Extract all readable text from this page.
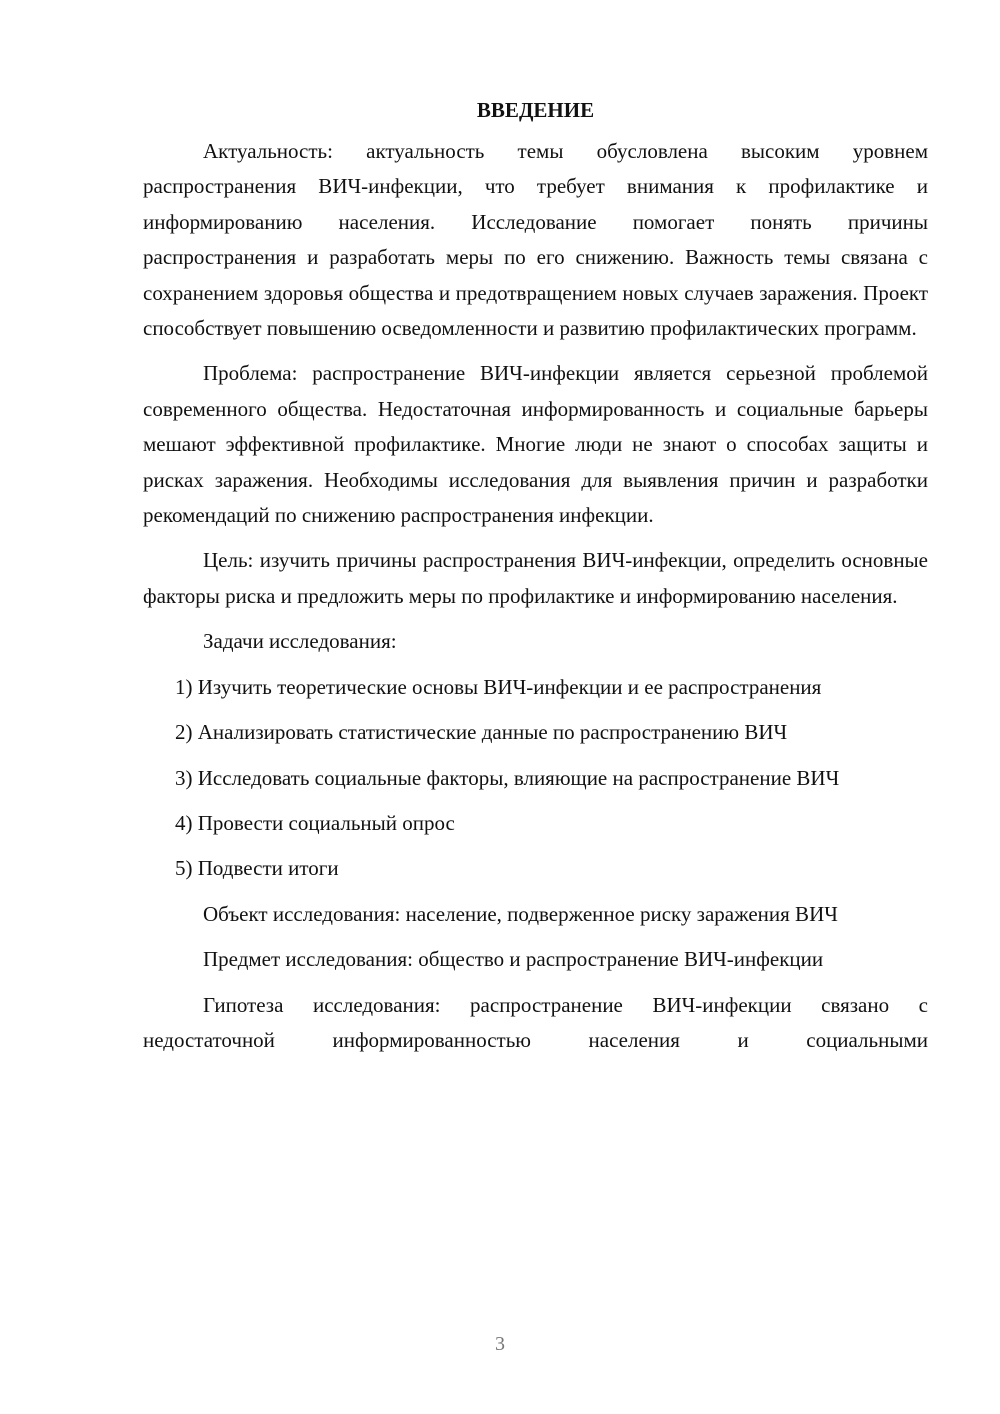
ВВЕДЕНИЕ

Актуальность: актуальность темы обусловлена высоким уровнем распространения ВИЧ-инфекции, что требует внимания к профилактике и информированию населения. Исследование помогает понять причины распространения и разработать меры по его снижению. Важность темы связана с сохранением здоровья общества и предотвращением новых случаев заражения. Проект способствует повышению осведомленности и развитию профилактических программ.

Проблема: распространение ВИЧ-инфекции является серьезной проблемой современного общества. Недостаточная информированность и социальные барьеры мешают эффективной профилактике. Многие люди не знают о способах защиты и рисках заражения. Необходимы исследования для выявления причин и разработки рекомендаций по снижению распространения инфекции.

Цель: изучить причины распространения ВИЧ-инфекции, определить основные факторы риска и предложить меры по профилактике и информированию населения.

Задачи исследования:

1) Изучить теоретические основы ВИЧ-инфекции и ее распространения

2) Анализировать статистические данные по распространению ВИЧ

3) Исследовать социальные факторы, влияющие на распространение ВИЧ

4) Провести социальный опрос

5) Подвести итоги

Объект исследования: население, подверженное риску заражения ВИЧ

Предмет исследования: общество и распространение ВИЧ-инфекции

Гипотеза исследования: распространение ВИЧ-инфекции связано с недостаточной информированностью населения и социальными

3
